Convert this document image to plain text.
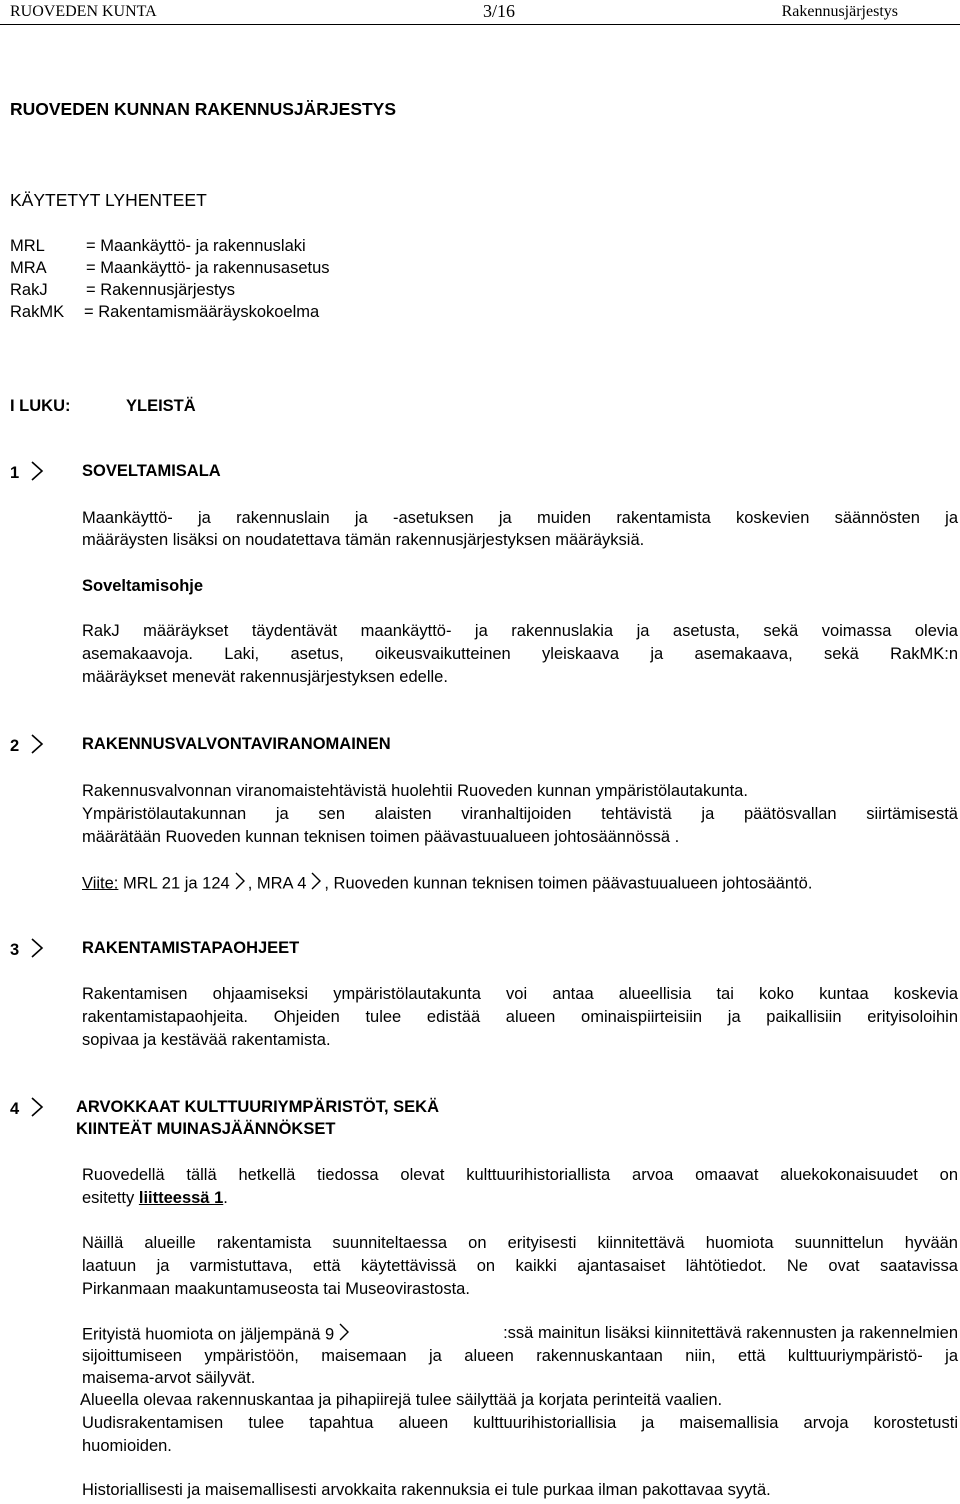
RUOVEDEN KUNTA	3/16	Rakennusjärjestys
RUOVEDEN KUNNAN RAKENNUSJÄRJESTYS
KÄYTETYT LYHENTEET
MRL = Maankäyttö- ja rakennuslaki
MRA = Maankäyttö- ja rakennusasetus
RakJ = Rakennusjärjestys
RakMK = Rakentamismääräyskokoelma
I LUKU:	YLEISTÄ
1	SOVELTAMISALA
Maankäyttö- ja rakennuslain ja -asetuksen ja muiden rakentamista koskevien säännösten ja
määräysten lisäksi on noudatettava tämän rakennusjärjestyksen määräyksiä.
Soveltamisohje
RakJ määräykset täydentävät maankäyttö- ja rakennuslakia ja asetusta, sekä voimassa olevia
asemakaavoja. Laki, asetus, oikeusvaikutteinen yleiskaava ja asemakaava, sekä RakMK:n
määräykset menevät rakennusjärjestyksen edelle.
2	RAKENNUSVALVONTAVIRANOMAINEN
Rakennusvalvonnan viranomaistehtävistä huolehtii Ruoveden kunnan ympäristölautakunta.
Ympäristölautakunnan ja sen alaisten viranhaltijoiden tehtävistä ja päätösvallan siirtämisestä
määrätään Ruoveden kunnan teknisen toimen päävastuualueen johtosäännössä .
Viite: MRL 21 ja 124 , MRA 4 , Ruoveden kunnan teknisen toimen päävastuualueen johtosääntö.
3	RAKENTAMISTAPAOHJEET
Rakentamisen ohjaamiseksi ympäristölautakunta voi antaa alueellisia tai koko kuntaa koskevia
rakentamistapaohjeita. Ohjeiden tulee edistää alueen ominaispiirteisiin ja paikallisiin erityisoloihin
sopivaa ja kestävää rakentamista.
4	ARVOKKAAT KULTTUURIYMPÄRISTÖT, SEKÄ
KIINTEÄT MUINASJÄÄNNÖKSET
Ruovedellä tällä hetkellä tiedossa olevat kulttuurihistoriallista arvoa omaavat aluekokonaisuudet on
esitetty liitteessä 1.
Näillä alueille rakentamista suunniteltaessa on erityisesti kiinnitettävä huomiota suunnittelun hyvään
laatuun ja varmistuttava, että käytettävissä on kaikki ajantasaiset lähtötiedot. Ne ovat saatavissa
Pirkanmaan maakuntamuseosta tai Museovirastosta.
Erityistä huomiota on jäljempänä 9	:ssä mainitun lisäksi kiinnitettävä rakennusten ja rakennelmien
sijoittumiseen ympäristöön, maisemaan ja alueen rakennuskantaan niin, että kulttuuriympäristö- ja
maisema-arvot säilyvät.
Alueella olevaa rakennuskantaa ja pihapiirejä tulee säilyttää ja korjata perinteitä vaalien.
Uudisrakentamisen tulee tapahtua alueen kulttuurihistoriallisia ja maisemallisia arvoja korostetusti
huomioiden.
Historiallisesti ja maisemallisesti arvokkaita rakennuksia ei tule purkaa ilman pakottavaa syytä.
